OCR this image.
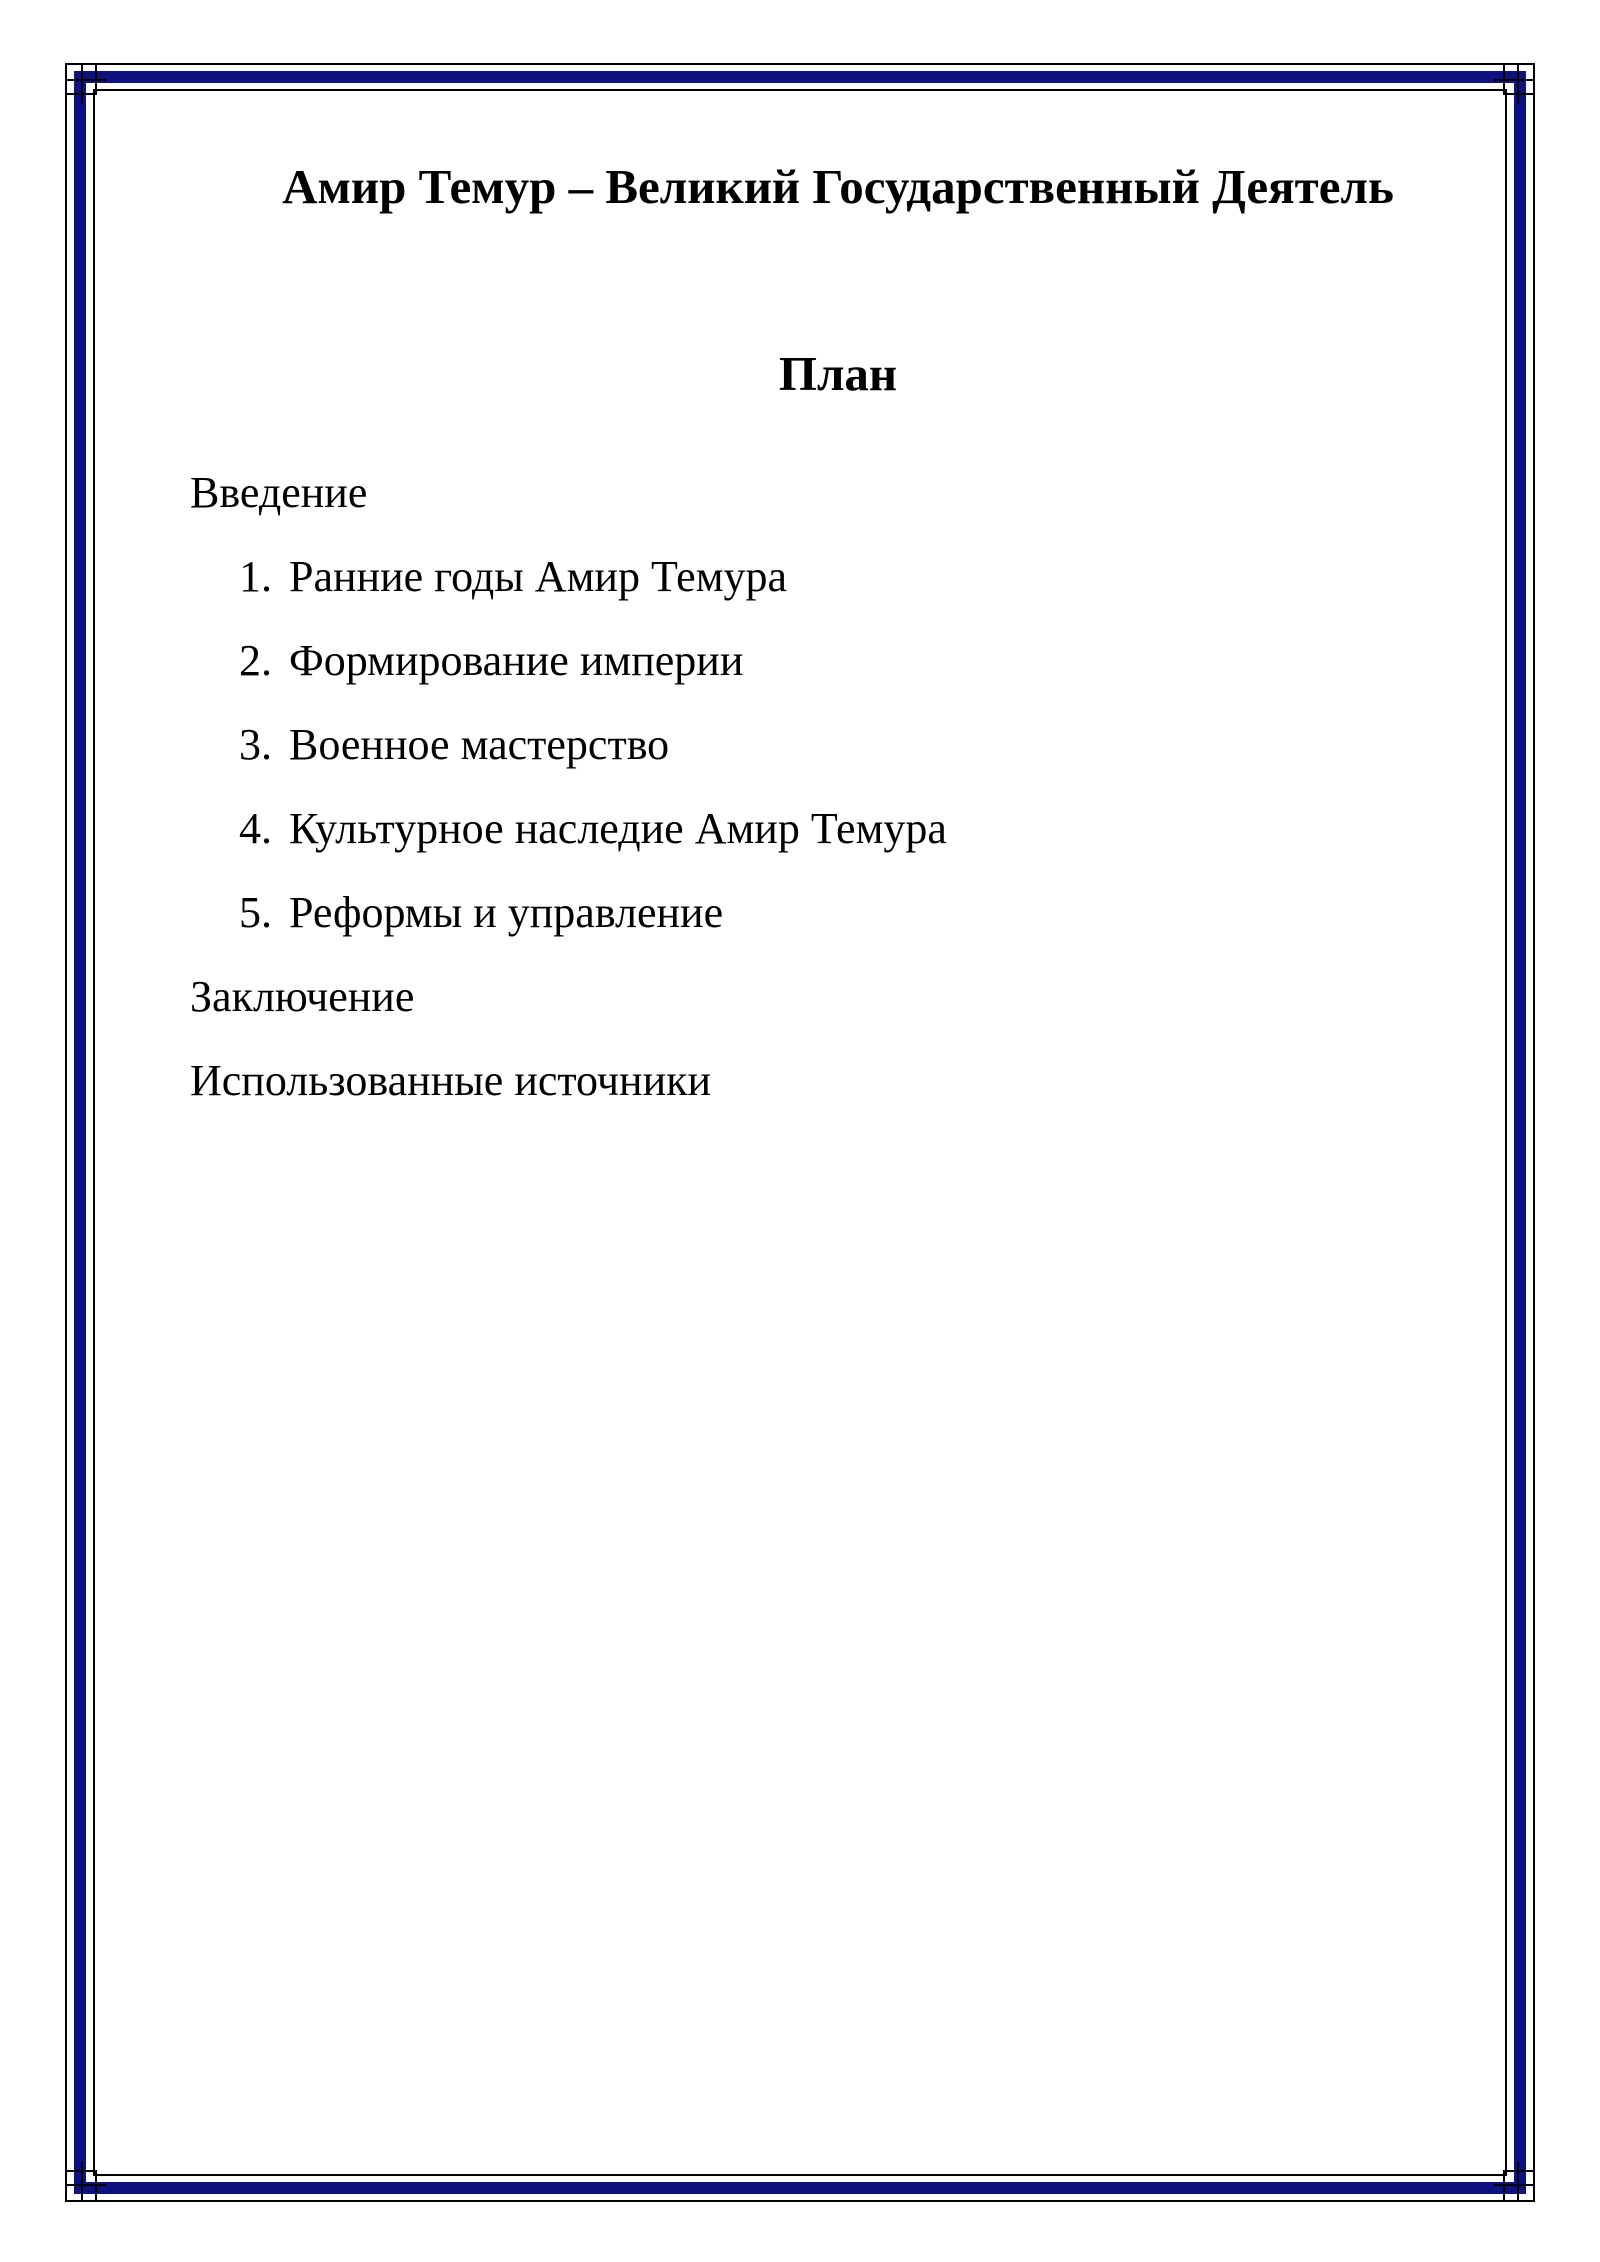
Амир Темур – Великий Государственный Деятель
План
Введение
1. Ранние годы Амир Темура
2. Формирование империи
3. Военное мастерство
4. Культурное наследие Амир Темура
5. Реформы и управление
Заключение
Использованные источники
